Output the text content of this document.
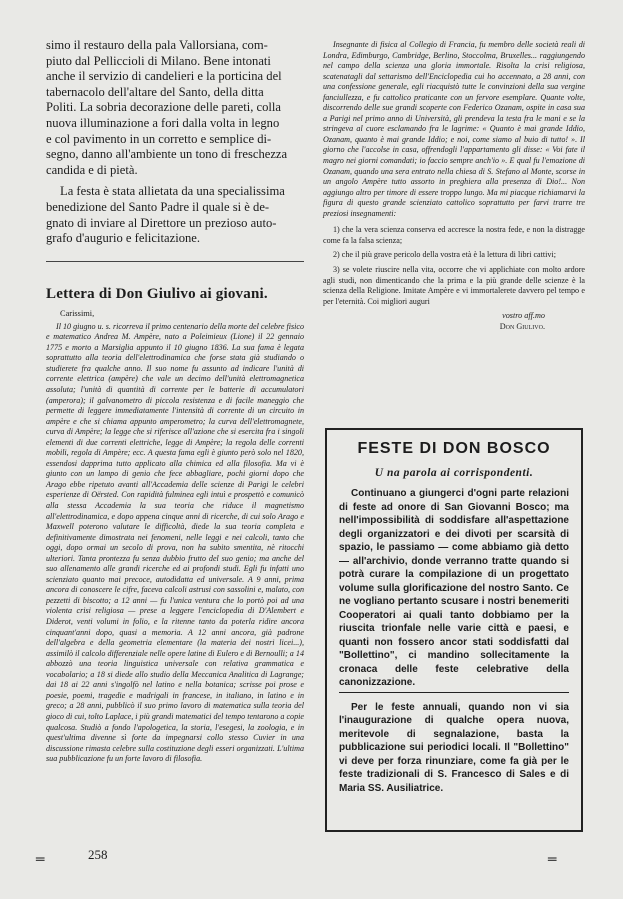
simo il restauro della pala Vallorsiana, com-

piuto dal Pelliccioli di Milano. Bene intonati

anche il servizio di candelieri e la porticina del

tabernacolo dell'altare del Santo, della ditta

Politi. La sobria decorazione delle pareti, colla

nuova illuminazione a fori dalla volta in legno

e col pavimento in un corretto e semplice di-

segno, danno all'ambiente un tono di freschezza

candida e di pietà.

La festa è stata allietata da una specialissima

benedizione del Santo Padre il quale si è de-

gnato di inviare al Direttore un prezioso auto-

grafo d'augurio e felicitazione.

Lettera di Don Giulivo ai giovani.
Carissimi,

Il 10 giugno u. s. ricorreva il primo centenario della morte del celebre fisico e matematico Andrea M. Ampère, nato a Poleimieux (Lione) il 22 gennaio 1775 e morto a Marsiglia appunto il 10 giugno 1836. La sua fama è legata soprattutto alla teoria dell'elettrodinamica che forse stata già studiando o studierete fra qualche anno. Il suo nome fu assunto ad indicare l'unità di corrente elettrica (ampère) che vale un decimo dell'unità elettromagnetica assoluta; l'unità di quantità di corrente per le batterie di accumulatori (amperora); il galvanometro di piccola resistenza e di facile maneggio che permette di leggere immediatamente l'intensità di corrente di un circuito in ampère e che si chiama appunto amperometro; la curva dell'elettromagnete, curva di Ampère; la legge che si riferisce all'azione che si esercita fra i singoli elementi di due correnti elettriche, legge di Ampère; la regola delle correnti mobili, regola di Ampère; ecc. A questa fama egli è giunto però solo nel 1820, essendosi dapprima tutto applicato alla chimica ed alla filosofia. Ma vi è giunto con un lampo di genio che fece abbagliare, pochi giorni dopo che Arago ebbe ripetuto avanti all'Accademia delle scienze di Parigi le celebri esperienze di Oërsted. Con rapidità fulminea egli intuì e prospettò e comunicò alla stessa Accademia la sua teoria che riduce il magnetismo all'elettrodinamica, e dopo appena cinque anni di ricerche, di cui solo Arago e Maxwell poterono valutare le difficoltà, diede la sua teoria completa e definitivamente dimostrata nei fenomeni, nelle leggi e nei calcoli, tanto che oggi, dopo ormai un secolo di prova, non ha subito smentita, nè ritocchi ulteriori. Tanta prontezza fu senza dubbio frutto del suo genio; ma anche del suo allenamento alle grandi ricerche ed ai profondi studi. Egli fu infatti uno scienziato quanto mai precoce, autodidatta ed universale. A 9 anni, prima ancora di conoscere le cifre, faceva calcoli astrusi con sassolini e, malato, con pezzetti di biscotto; a 12 anni — fu l'unica ventura che lo portò poi ad una violenta crisi religiosa — prese a leggere l'enciclopedia di D'Alembert e Diderot, venti volumi in folio, e la ritenne tanto da poterla ridire ancora cinquant'anni dopo, quasi a memoria. A 12 anni ancora, già padrone dell'algebra e della geometria elementare (la materia dei nostri licei...), assimilò il calcolo differenziale nelle opere latine di Eulero e di Bernoulli; a 14 abbozzò una teoria linguistica universale con relativa grammatica e vocabolario; a 18 si diede allo studio della Meccanica Analitica di Lagrange; dai 18 ai 22 anni s'ingolfò nel latino e nella botanica; scrisse poi prose e poesie, poemi, tragedie e madrigali in francese, in italiano, in latino e in greco; a 28 anni, pubblicò il suo primo lavoro di matematica sulla teoria del gioco di cui, tolto Laplace, i più grandi matematici del tempo tentarono a copie qualcosa. Studiò a fondo l'apologetica, la storia, l'esegesi, la zoologia, e in quest'ultima divenne sì forte da impegnarsi collo stesso Cuvier in una discussione rimasta celebre sulla costituzione degli esseri organizzati. L'ultima sua pubblicazione fu un forte lavoro di filosofia.

Insegnante di fisica al Collegio di Francia, fu membro delle società reali di Londra, Edimburgo, Cambridge, Berlino, Stoccolma, Bruxelles... raggiungendo nel campo della scienza una gloria immortale. Risolta la crisi religiosa, scatenatagli dal settarismo dell'Enciclopedia cui ho accennato, a 28 anni, con una confessione generale, egli riacquistò tutte le convinzioni della sua vergine fanciullezza, e fu cattolico praticante con un fervore esemplare. Quante volte, discorrendo delle sue grandi scoperte con Federico Ozanam, ospite in casa sua a Parigi nel primo anno di Università, gli prendeva la testa fra le mani e se la stringeva al cuore esclamando fra le lagrime: « Quanto è mai grande Iddio, Ozanam, quanto è mai grande Iddio; e noi, come siamo al buio di tutto! ». Il giorno che l'accolse in casa, offrendogli l'appartamento gli disse: « Voi fate il magro nei giorni comandati; io faccio sempre anch'io ». E qual fu l'emozione di Ozanam, quando una sera entrato nella chiesa di S. Stefano al Monte, scorse in un angolo Ampère tutto assorto in preghiera alla presenza di Dio!... Non aggiungo altro per timore di essere troppo lungo. Ma mi piacque richiamarvi la figura di questo grande scienziato cattolico soprattutto per farvi trarre tre preziosi insegnamenti:

1) che la vera scienza conserva ed accresce la nostra fede, e non la distragge come fa la falsa scienza;

2) che il più grave pericolo della vostra età è la lettura di libri cattivi;

3) se volete riuscire nella vita, occorre che vi applichiate con molto ardore agli studi, non dimenticando che la prima e la più grande delle scienze è la scienza della Religione. Imitate Ampère e vi immortalerete davvero pel tempo e per l'eternità. Coi migliori auguri

vostro aff.mo
Don Giulivo.
FESTE DI DON BOSCO
U na parola ai corrispondenti.

Continuano a giungerci d'ogni parte relazioni di feste ad onore di San Giovanni Bosco; ma nell'impossibilità di soddisfare all'aspettazione degli organizzatori e dei divoti per scarsità di spazio, le passiamo — come abbiamo già detto — all'archivio, donde verranno tratte quando si potrà curare la compilazione di un progettato volume sulla glorificazione del nostro Santo. Ce ne vogliano pertanto scusare i nostri benemeriti Cooperatori ai quali tanto dobbiamo per la riuscita trionfale nelle varie città e paesi, e quanti non fossero ancor stati soddisfatti dal "Bollettino", ci mandino sollecitamente la cronaca delle feste celebrative della canonizzazione.

Per le feste annuali, quando non vi sia l'inaugurazione di qualche opera nuova, meritevole di segnalazione, basta la pubblicazione sui periodici locali. Il "Bollettino" vi deve per forza rinunziare, come fa già per le feste tradizionali di S. Francesco di Sales e di Maria SS. Ausiliatrice.

═	258	═
